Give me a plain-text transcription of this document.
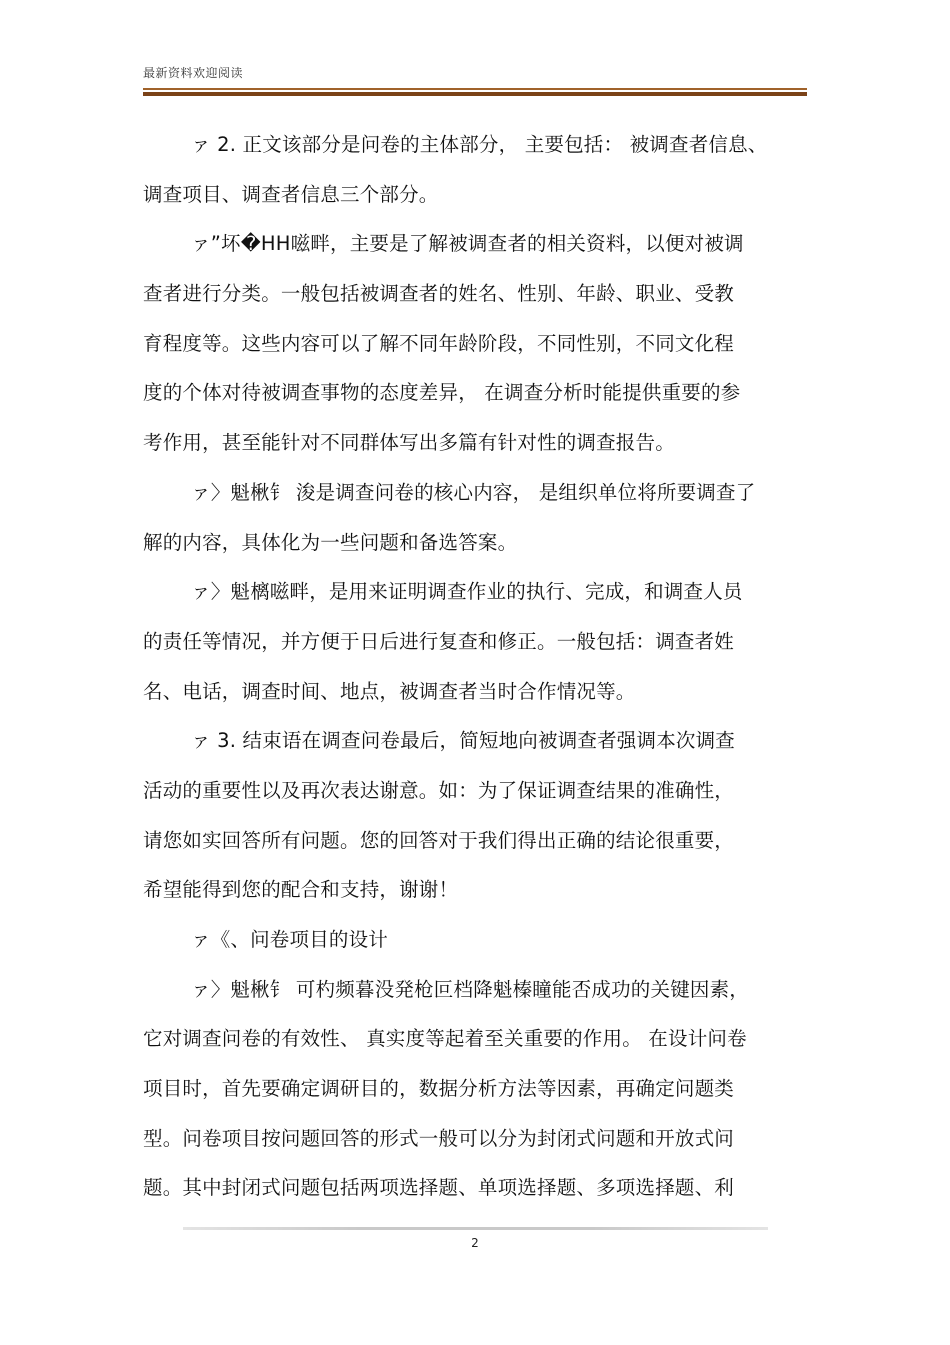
最新资料欢迎阅读
ァ 2. 正文该部分是问卷的主体部分， 主要包括： 被调查者信息、
调查项目、调查者信息三个部分。
ァ”坏�НН嗞畔，主要是了解被调查者的相关资料，以便对被调
查者进行分类。一般包括被调查者的姓名、性别、年龄、职业、受教
育程度等。这些内容可以了解不同年龄阶段，不同性别，不同文化程
度的个体对待被调查事物的态度差异， 在调查分析时能提供重要的参
考作用，甚至能针对不同群体写出多篇有针对性的调查报告。
ァ〉魁楸钅 浚是调查问卷的核心内容， 是组织单位将所要调查了
解的内容，具体化为一些问题和备选答案。
ァ〉魁樆嗞畔，是用来证明调查作业的执行、完成，和调查人员
的责任等情况，并方便于日后进行复查和修正。一般包括：调查者姓
名、电话，调查时间、地点，被调查者当时合作情况等。
ァ 3. 结束语在调查问卷最后，简短地向被调查者强调本次调查
活动的重要性以及再次表达谢意。如：为了保证调查结果的准确性，
请您如实回答所有问题。您的回答对于我们得出正确的结论很重要，
希望能得到您的配合和支持，谢谢！
ァ《、问卷项目的设计
ァ〉魁楸钅 可杓频暮没発枪叵档降魁榛瞳能否成功的关键因素，
它对调查问卷的有效性、 真实度等起着至关重要的作用。 在设计问卷
项目时，首先要确定调研目的，数据分析方法等因素，再确定问题类
型。问卷项目按问题回答的形式一般可以分为封闭式问题和开放式问
题。其中封闭式问题包括两项选择题、单项选择题、多项选择题、利
2
